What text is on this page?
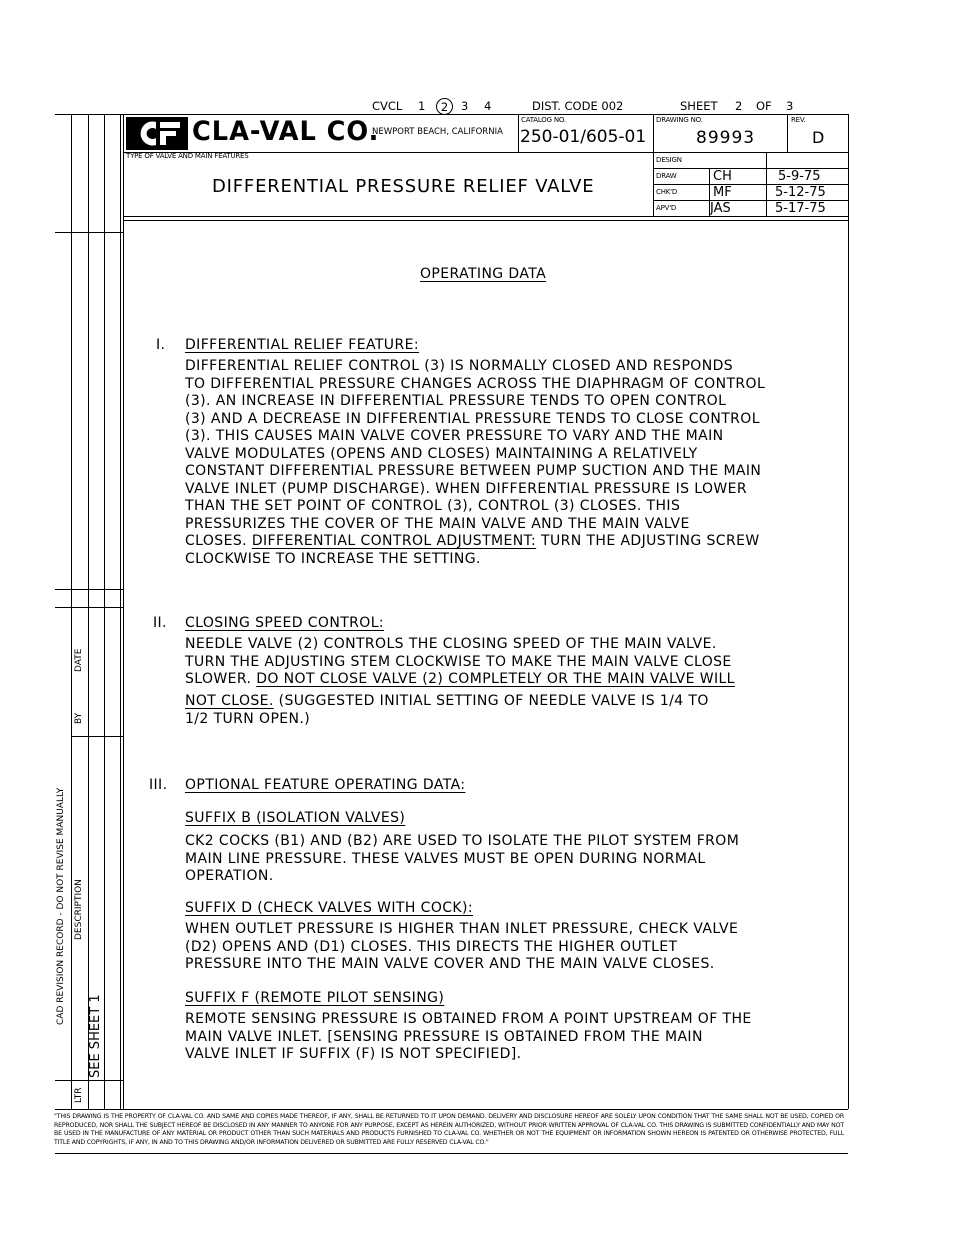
CVCL 1	2	3 4	DIST. CODE 002	SHEET 2 OF 3
CLA-VAL CO.
NEWPORT BEACH, CALIFORNIA
CATALOG NO.
250-01/605-01
DRAWING NO.
89993
REV.
D
TYPE OF VALVE AND MAIN FEATURES
DIFFERENTIAL PRESSURE RELIEF VALVE
DESIGN
DRAW	CH	5-9-75
CHK'D	MF	5-12-75
APV'D	JAS	5-17-75
CAD REVISION RECORD - DO NOT REVISE MANUALLY
DATE
BY
DESCRIPTION
SEE SHEET 1
LTR
OPERATING DATA
I. DIFFERENTIAL RELIEF FEATURE:
DIFFERENTIAL RELIEF CONTROL (3) IS NORMALLY CLOSED AND RESPONDS
TO DIFFERENTIAL PRESSURE CHANGES ACROSS THE DIAPHRAGM OF CONTROL
(3). AN INCREASE IN DIFFERENTIAL PRESSURE TENDS TO OPEN CONTROL
(3) AND A DECREASE IN DIFFERENTIAL PRESSURE TENDS TO CLOSE CONTROL
(3). THIS CAUSES MAIN VALVE COVER PRESSURE TO VARY AND THE MAIN
VALVE MODULATES (OPENS AND CLOSES) MAINTAINING A RELATIVELY
CONSTANT DIFFERENTIAL PRESSURE BETWEEN PUMP SUCTION AND THE MAIN
VALVE INLET (PUMP DISCHARGE). WHEN DIFFERENTIAL PRESSURE IS LOWER
THAN THE SET POINT OF CONTROL (3), CONTROL (3) CLOSES. THIS
PRESSURIZES THE COVER OF THE MAIN VALVE AND THE MAIN VALVE
CLOSES. DIFFERENTIAL CONTROL ADJUSTMENT: TURN THE ADJUSTING SCREW
CLOCKWISE TO INCREASE THE SETTING.
II. CLOSING SPEED CONTROL:
NEEDLE VALVE (2) CONTROLS THE CLOSING SPEED OF THE MAIN VALVE.
TURN THE ADJUSTING STEM CLOCKWISE TO MAKE THE MAIN VALVE CLOSE
SLOWER. DO NOT CLOSE VALVE (2) COMPLETELY OR THE MAIN VALVE WILL
NOT CLOSE. (SUGGESTED INITIAL SETTING OF NEEDLE VALVE IS 1/4 TO
1/2 TURN OPEN.)
III. OPTIONAL FEATURE OPERATING DATA:
SUFFIX B (ISOLATION VALVES)
CK2 COCKS (B1) AND (B2) ARE USED TO ISOLATE THE PILOT SYSTEM FROM
MAIN LINE PRESSURE. THESE VALVES MUST BE OPEN DURING NORMAL
OPERATION.
SUFFIX D (CHECK VALVES WITH COCK):
WHEN OUTLET PRESSURE IS HIGHER THAN INLET PRESSURE, CHECK VALVE
(D2) OPENS AND (D1) CLOSES. THIS DIRECTS THE HIGHER OUTLET
PRESSURE INTO THE MAIN VALVE COVER AND THE MAIN VALVE CLOSES.
SUFFIX F (REMOTE PILOT SENSING)
REMOTE SENSING PRESSURE IS OBTAINED FROM A POINT UPSTREAM OF THE
MAIN VALVE INLET. [SENSING PRESSURE IS OBTAINED FROM THE MAIN
VALVE INLET IF SUFFIX (F) IS NOT SPECIFIED].
"THIS DRAWING IS THE PROPERTY OF CLA-VAL CO. AND SAME AND COPIES MADE THEREOF, IF ANY, SHALL BE RETURNED TO IT UPON DEMAND. DELIVERY AND DISCLOSURE HEREOF ARE SOLELY UPON CONDITION THAT THE SAME SHALL NOT BE USED, COPIED OR REPRODUCED, NOR SHALL THE SUBJECT HEREOF BE DISCLOSED IN ANY MANNER TO ANYONE FOR ANY PURPOSE, EXCEPT AS HEREIN AUTHORIZED, WITHOUT PRIOR WRITTEN APPROVAL OF CLA-VAL CO. THIS DRAWING IS SUBMITTED CONFIDENTIALLY AND MAY NOT BE USED IN THE MANUFACTURE OF ANY MATERIAL OR PRODUCT OTHER THAN SUCH MATERIALS AND PRODUCTS FURNISHED TO CLA-VAL CO. WHETHER OR NOT THE EQUIPMENT OR INFORMATION SHOWN HEREON IS PATENTED OR OTHERWISE PROTECTED, FULL TITLE AND COPYRIGHTS, IF ANY, IN AND TO THIS DRAWING AND/OR INFORMATION DELIVERED OR SUBMITTED ARE FULLY RESERVED CLA-VAL CO."
